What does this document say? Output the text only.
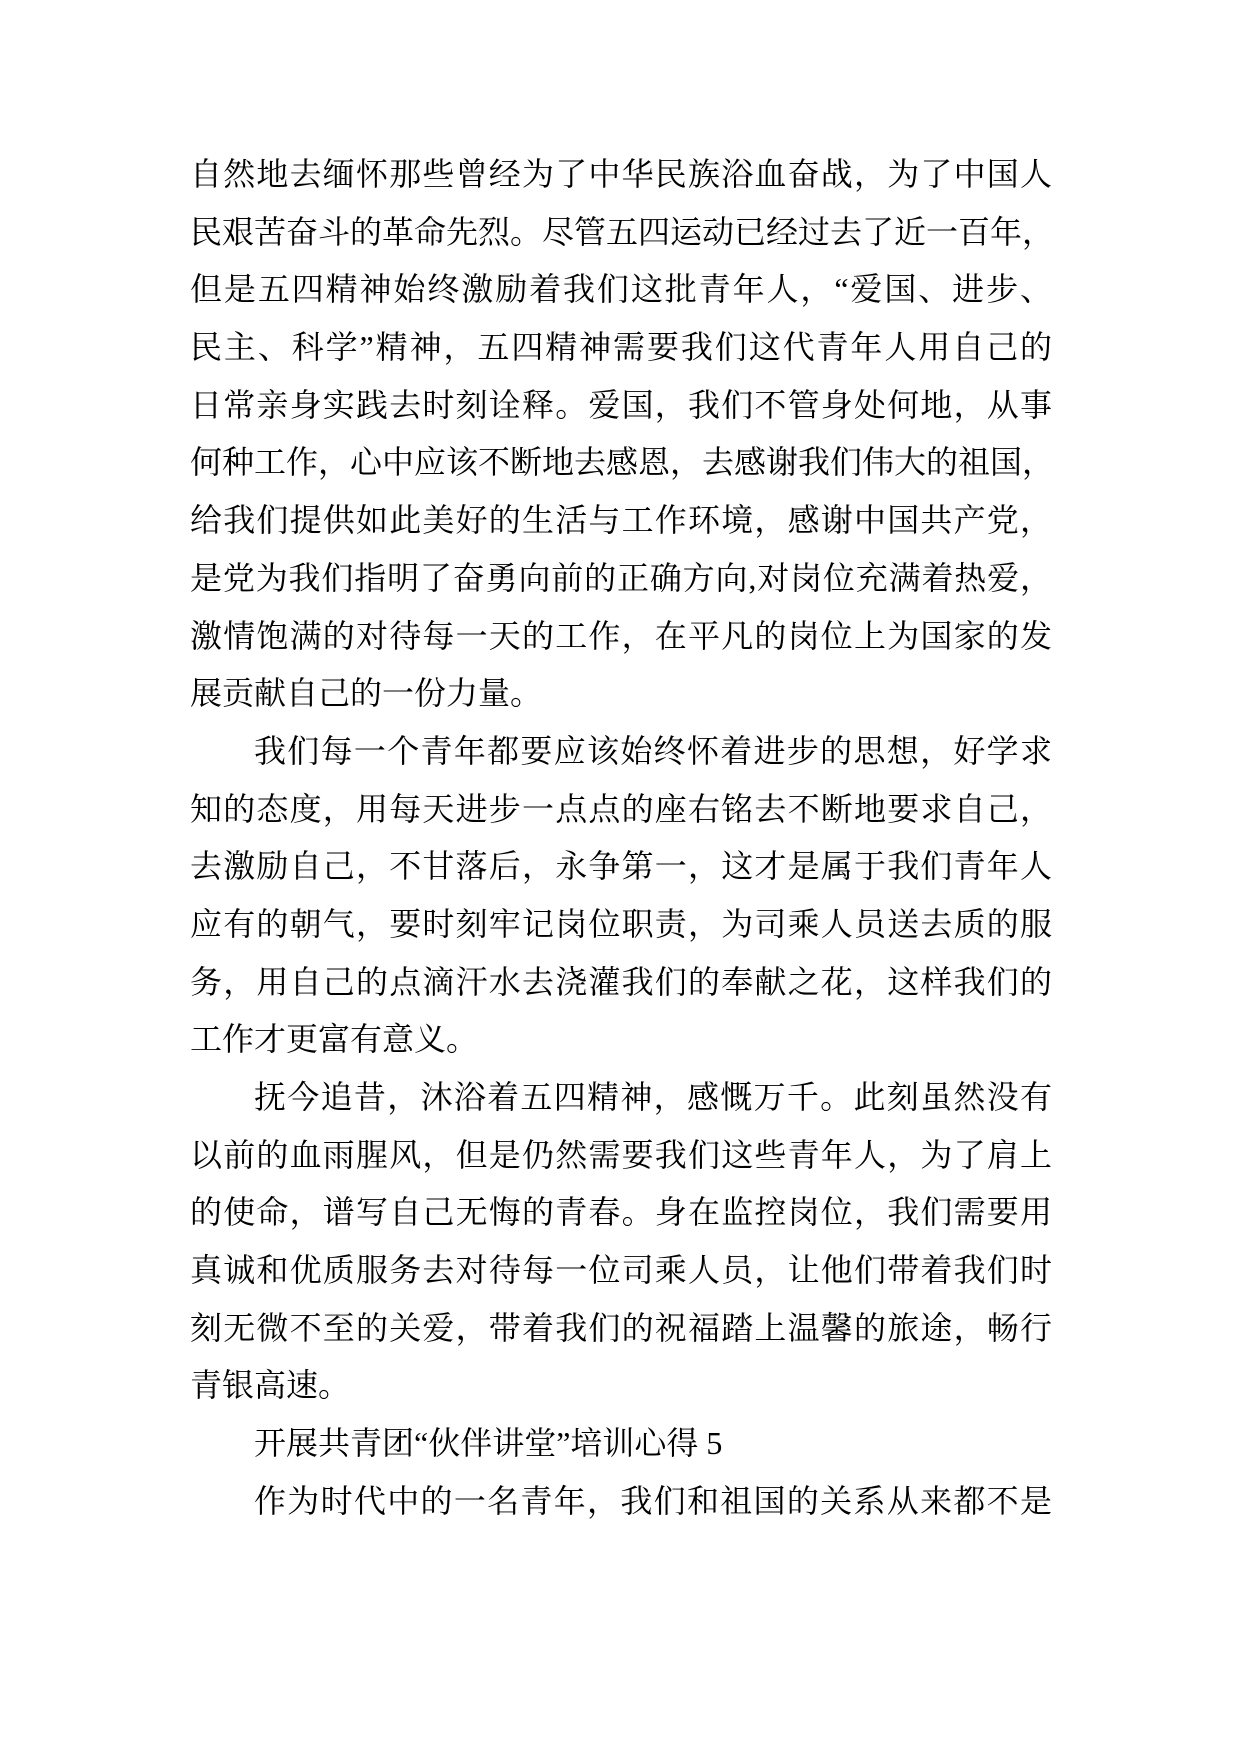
自然地去缅怀那些曾经为了中华民族浴血奋战，为了中国人
民艰苦奋斗的革命先烈。尽管五四运动已经过去了近一百年，
但是五四精神始终激励着我们这批青年人，“爱国、进步、
民主、科学”精神，五四精神需要我们这代青年人用自己的
日常亲身实践去时刻诠释。爱国，我们不管身处何地，从事
何种工作，心中应该不断地去感恩，去感谢我们伟大的祖国，
给我们提供如此美好的生活与工作环境，感谢中国共产党，
是党为我们指明了奋勇向前的正确方向,对岗位充满着热爱，
激情饱满的对待每一天的工作，在平凡的岗位上为国家的发
展贡献自己的一份力量。
我们每一个青年都要应该始终怀着进步的思想，好学求
知的态度，用每天进步一点点的座右铭去不断地要求自己，
去激励自己，不甘落后，永争第一，这才是属于我们青年人
应有的朝气，要时刻牢记岗位职责，为司乘人员送去质的服
务，用自己的点滴汗水去浇灌我们的奉献之花，这样我们的
工作才更富有意义。
抚今追昔，沐浴着五四精神，感慨万千。此刻虽然没有
以前的血雨腥风，但是仍然需要我们这些青年人，为了肩上
的使命，谱写自己无悔的青春。身在监控岗位，我们需要用
真诚和优质服务去对待每一位司乘人员，让他们带着我们时
刻无微不至的关爱，带着我们的祝福踏上温馨的旅途，畅行
青银高速。
开展共青团“伙伴讲堂”培训心得 5
作为时代中的一名青年，我们和祖国的关系从来都不是
